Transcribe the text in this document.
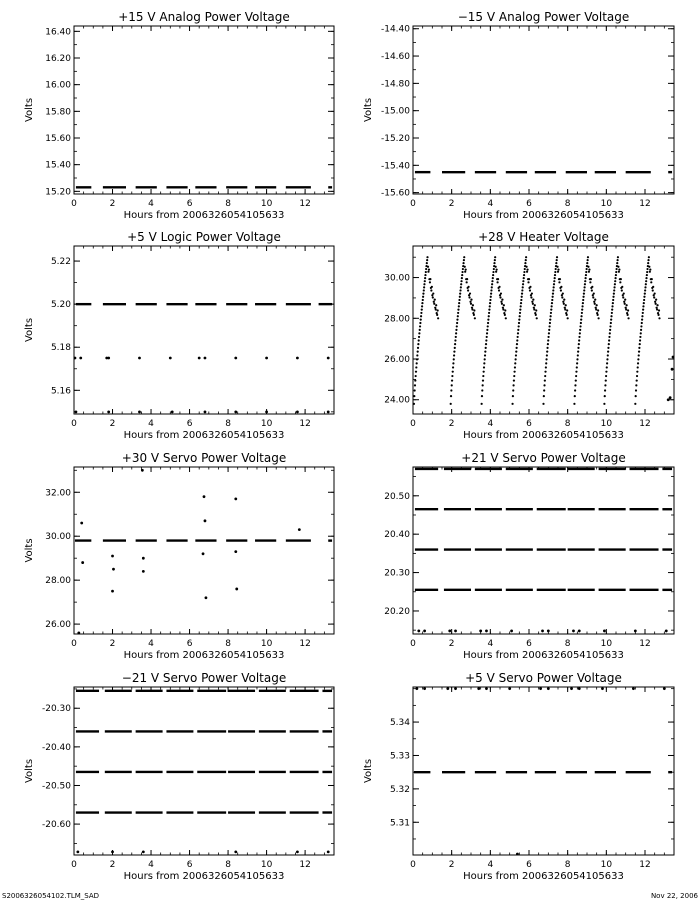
S2006326054102.TLM_SAD	Nov 22, 2006
+15 V Analog Power Voltage
0	2	4	6	8	10	12
15.20
15.40
15.60
15.80
16.00
16.20
16.40
Hours from 2006326054105633
Volts
−15 V Analog Power Voltage
0	2	4	6	8	10	12
-14.40
-14.60
-14.80
-15.00
-15.20
-15.40
-15.60
Hours from 2006326054105633
Volts
+5 V Logic Power Voltage
0	2	4	6	8	10	12
5.16
5.18
5.20
5.22
Hours from 2006326054105633
Volts
+28 V Heater Voltage
0	2	4	6	8	10	12
24.00
26.00
28.00
30.00
Hours from 2006326054105633
+30 V Servo Power Voltage
0	2	4	6	8	10	12
26.00
28.00
30.00
32.00
Hours from 2006326054105633
Volts
+21 V Servo Power Voltage
0	2	4	6	8	10	12
20.20
20.30
20.40
20.50
Hours from 2006326054105633
−21 V Servo Power Voltage
0	2	4	6	8	10	12
-20.30
-20.40
-20.50
-20.60
Hours from 2006326054105633
Volts
+5 V Servo Power Voltage
0	2	4	6	8	10	12
5.31
5.32
5.33
5.34
Hours from 2006326054105633
Volts
